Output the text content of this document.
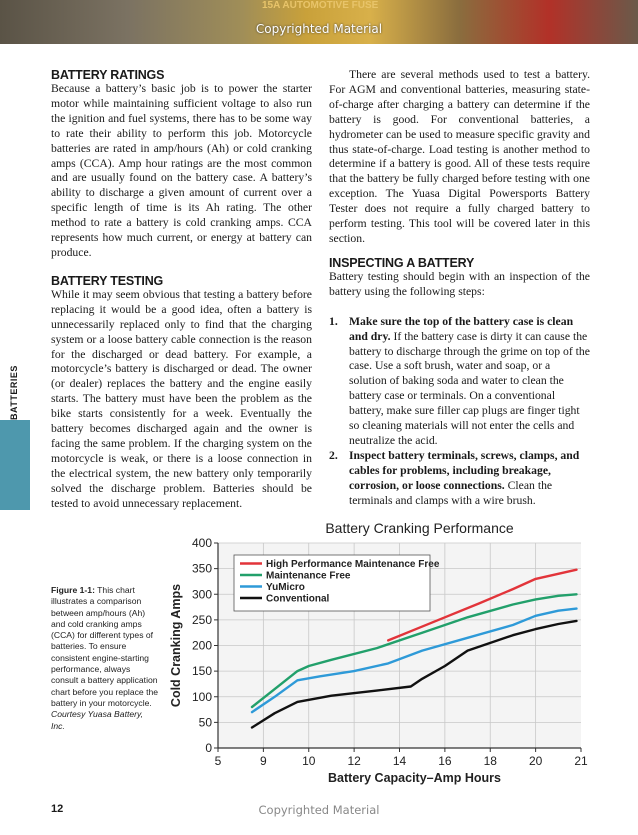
15A AUTOMOTIVE FUSE
Copyrighted Material
BATTERY RATINGS

Because a battery’s basic job is to power the starter motor while maintaining sufficient voltage to also run the ignition and fuel systems, there has to be some way to rate their ability to perform this job. Motorcycle batteries are rated in amp/hours (Ah) or cold cranking amps (CCA). Amp hour ratings are the most common and are usually found on the battery case. A battery’s ability to discharge a given amount of current over a specific length of time is its Ah rating. The other method to rate a battery is cold cranking amps. CCA represents how much current, or energy at battery can produce.

BATTERY TESTING

While it may seem obvious that testing a battery before replacing it would be a good idea, often a battery is unnecessarily replaced only to find that the charging system or a loose battery cable connection is the reason for the discharged or dead battery. For example, a motorcycle’s battery is discharged or dead. The owner (or dealer) replaces the battery and the engine easily starts. The battery must have been the problem as the bike starts consistently for a week. Eventually the battery becomes discharged again and the owner is facing the same problem. If the charging system on the motorcycle is weak, or there is a loose connection in the electrical system, the new battery only temporarily solved the discharge problem. Batteries should be tested to avoid unnecessary replacement.

There are several methods used to test a battery. For AGM and conventional batteries, measuring state-of-charge after charging a battery can determine if the battery is good. For conventional batteries, a hydrometer can be used to measure specific gravity and thus state-of-charge. Load testing is another method to determine if a battery is good. All of these tests require that the battery be fully charged before testing with one exception. The Yuasa Digital Powersports Battery Tester does not require a fully charged battery to perform testing. This tool will be covered later in this section.

INSPECTING A BATTERY

Battery testing should begin with an inspection of the battery using the following steps:

1. Make sure the top of the battery case is clean and dry. If the battery case is dirty it can cause the battery to discharge through the grime on top of the case. Use a soft brush, water and soap, or a solution of baking soda and water to clean the battery case or terminals. On a conventional battery, make sure filler cap plugs are finger tight so cleaning materials will not enter the cells and neutralize the acid.
2. Inspect battery terminals, screws, clamps, and cables for problems, including breakage, corrosion, or loose connections. Clean the terminals and clamps with a wire brush.
BATTERIES
Figure 1-1: This chart illustrates a comparison between amp/hours (Ah) and cold cranking amps (CCA) for different types of batteries. To ensure consistent engine-starting performance, always consult a battery application chart before you replace the battery in your motorcycle. Courtesy Yuasa Battery, Inc.
0
50
100
150
200
250
300
350
400
5	9	10	12	14	16	18	20	21
Battery Cranking Performance
Battery Capacity–Amp Hours
Cold Cranking Amps
High Performance Maintenance Free
Maintenance Free
YuMicro
Conventional
12	Copyrighted Material
